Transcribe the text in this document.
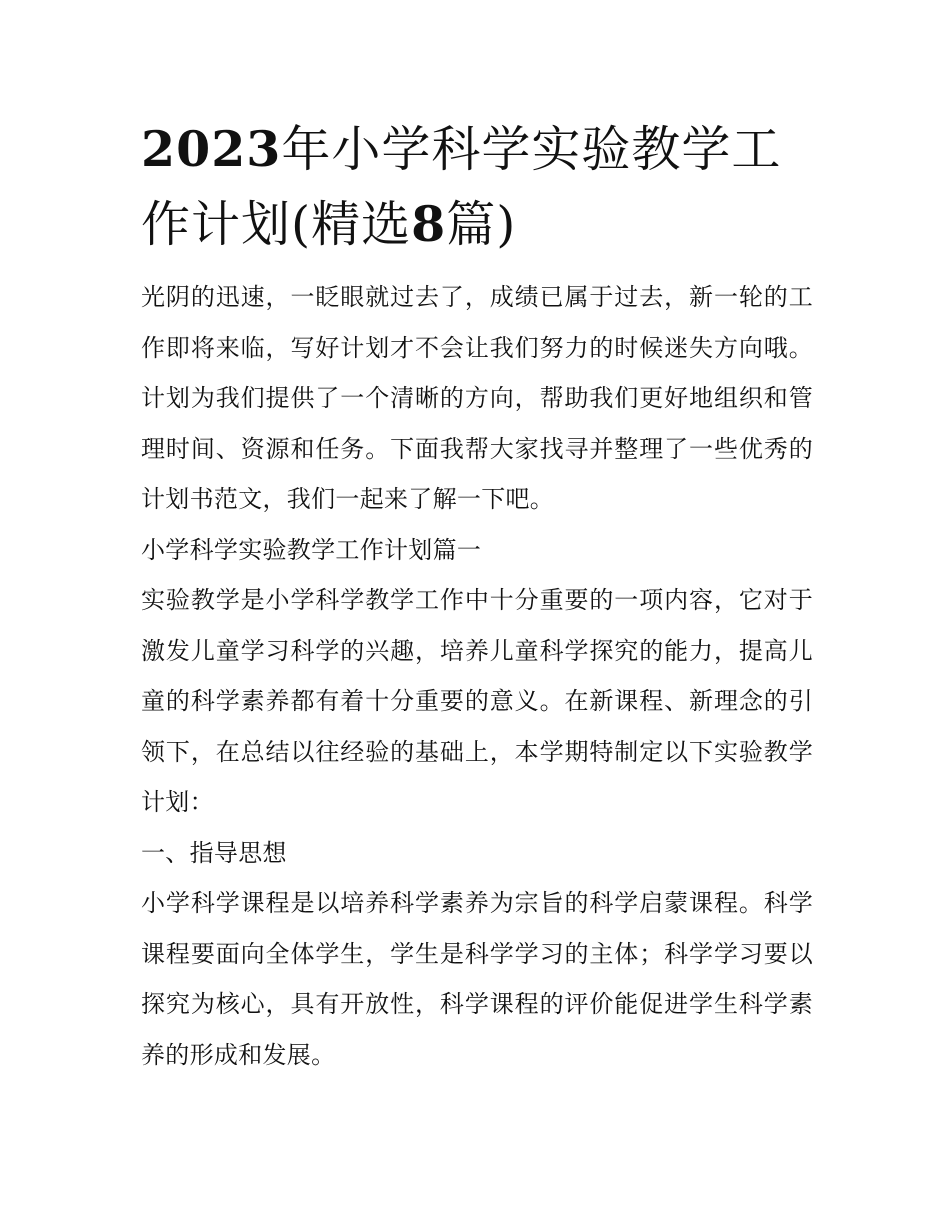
2023年小学科学实验教学工作计划(精选8篇)

光阴的迅速，一眨眼就过去了，成绩已属于过去，新一轮的工作即将来临，写好计划才不会让我们努力的时候迷失方向哦。计划为我们提供了一个清晰的方向，帮助我们更好地组织和管理时间、资源和任务。下面我帮大家找寻并整理了一些优秀的计划书范文，我们一起来了解一下吧。

小学科学实验教学工作计划篇一

实验教学是小学科学教学工作中十分重要的一项内容，它对于激发儿童学习科学的兴趣，培养儿童科学探究的能力，提高儿童的科学素养都有着十分重要的意义。在新课程、新理念的引领下，在总结以往经验的基础上，本学期特制定以下实验教学计划：

一、指导思想

小学科学课程是以培养科学素养为宗旨的科学启蒙课程。科学课程要面向全体学生，学生是科学学习的主体；科学学习要以探究为核心，具有开放性，科学课程的评价能促进学生科学素养的形成和发展。
